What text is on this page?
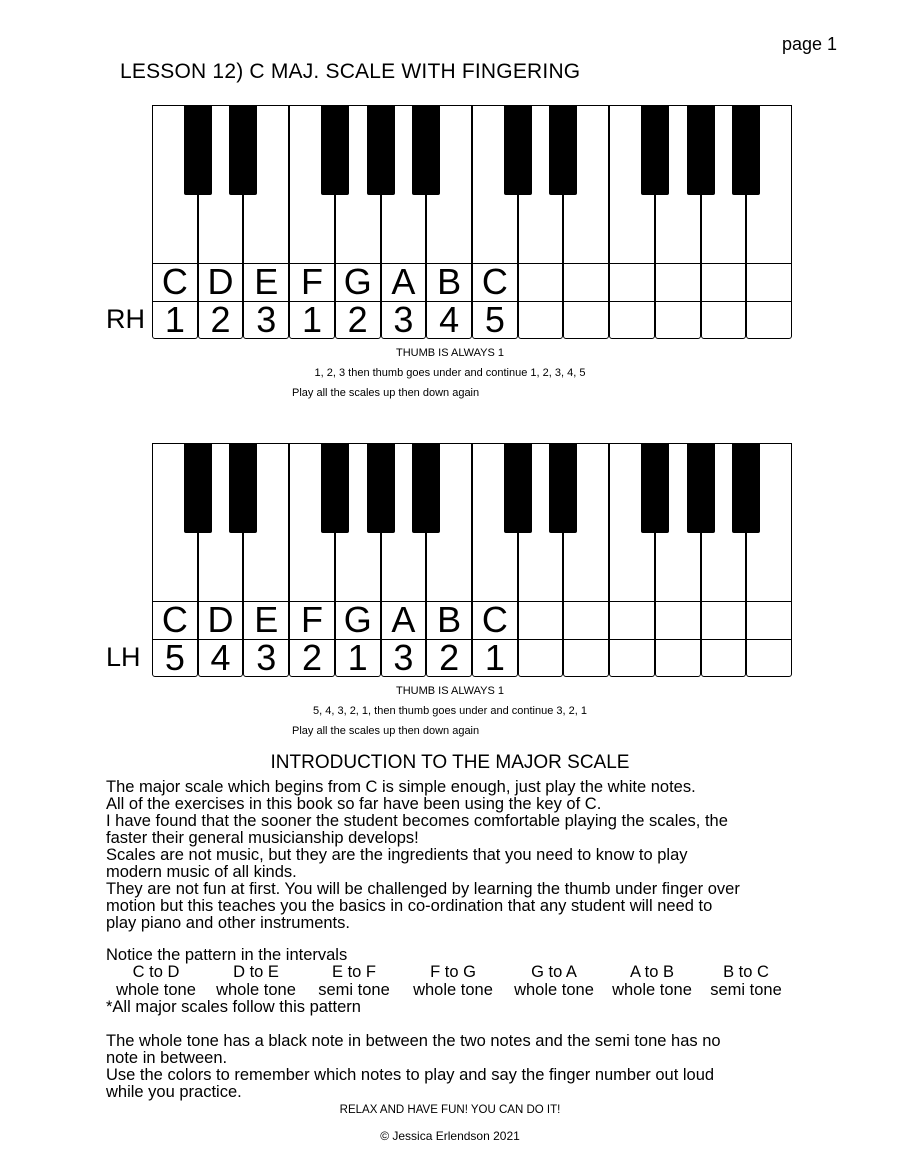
page 1
LESSON 12) C MAJ. SCALE WITH FINGERING
C D E F G A B C
1 2 3 1 2 3 4 5
RH
THUMB IS ALWAYS 1
1, 2, 3 then thumb goes under and continue 1, 2, 3, 4, 5
Play all the scales up then down again
C D E F G A B C
5 4 3 2 1 3 2 1
LH
THUMB IS ALWAYS 1
5, 4, 3, 2, 1, then thumb goes under and continue 3, 2, 1
Play all the scales up then down again
INTRODUCTION TO THE MAJOR SCALE

The major scale which begins from C is simple enough, just play the white notes.

All of the exercises in this book so far have been using the key of C.

I have found that the sooner the student becomes comfortable playing the scales, the

faster their general musicianship develops!

Scales are not music, but they are the ingredients that you need to know to play

modern music of all kinds.

They are not fun at first. You will be challenged by learning the thumb under finger over

motion but this teaches you the basics in co-ordination that any student will need to

play piano and other instruments.

Notice the pattern in the intervals
C to D
whole tone
D to E
whole tone
E to F
semi tone
F to G
whole tone
G to A
whole tone
A to B
whole tone
B to C
semi tone
*All major scales follow this pattern

The whole tone has a black note in between the two notes and the semi tone has no

note in between.

Use the colors to remember which notes to play and say the finger number out loud

while you practice.

RELAX AND HAVE FUN! YOU CAN DO IT!
© Jessica Erlendson 2021
